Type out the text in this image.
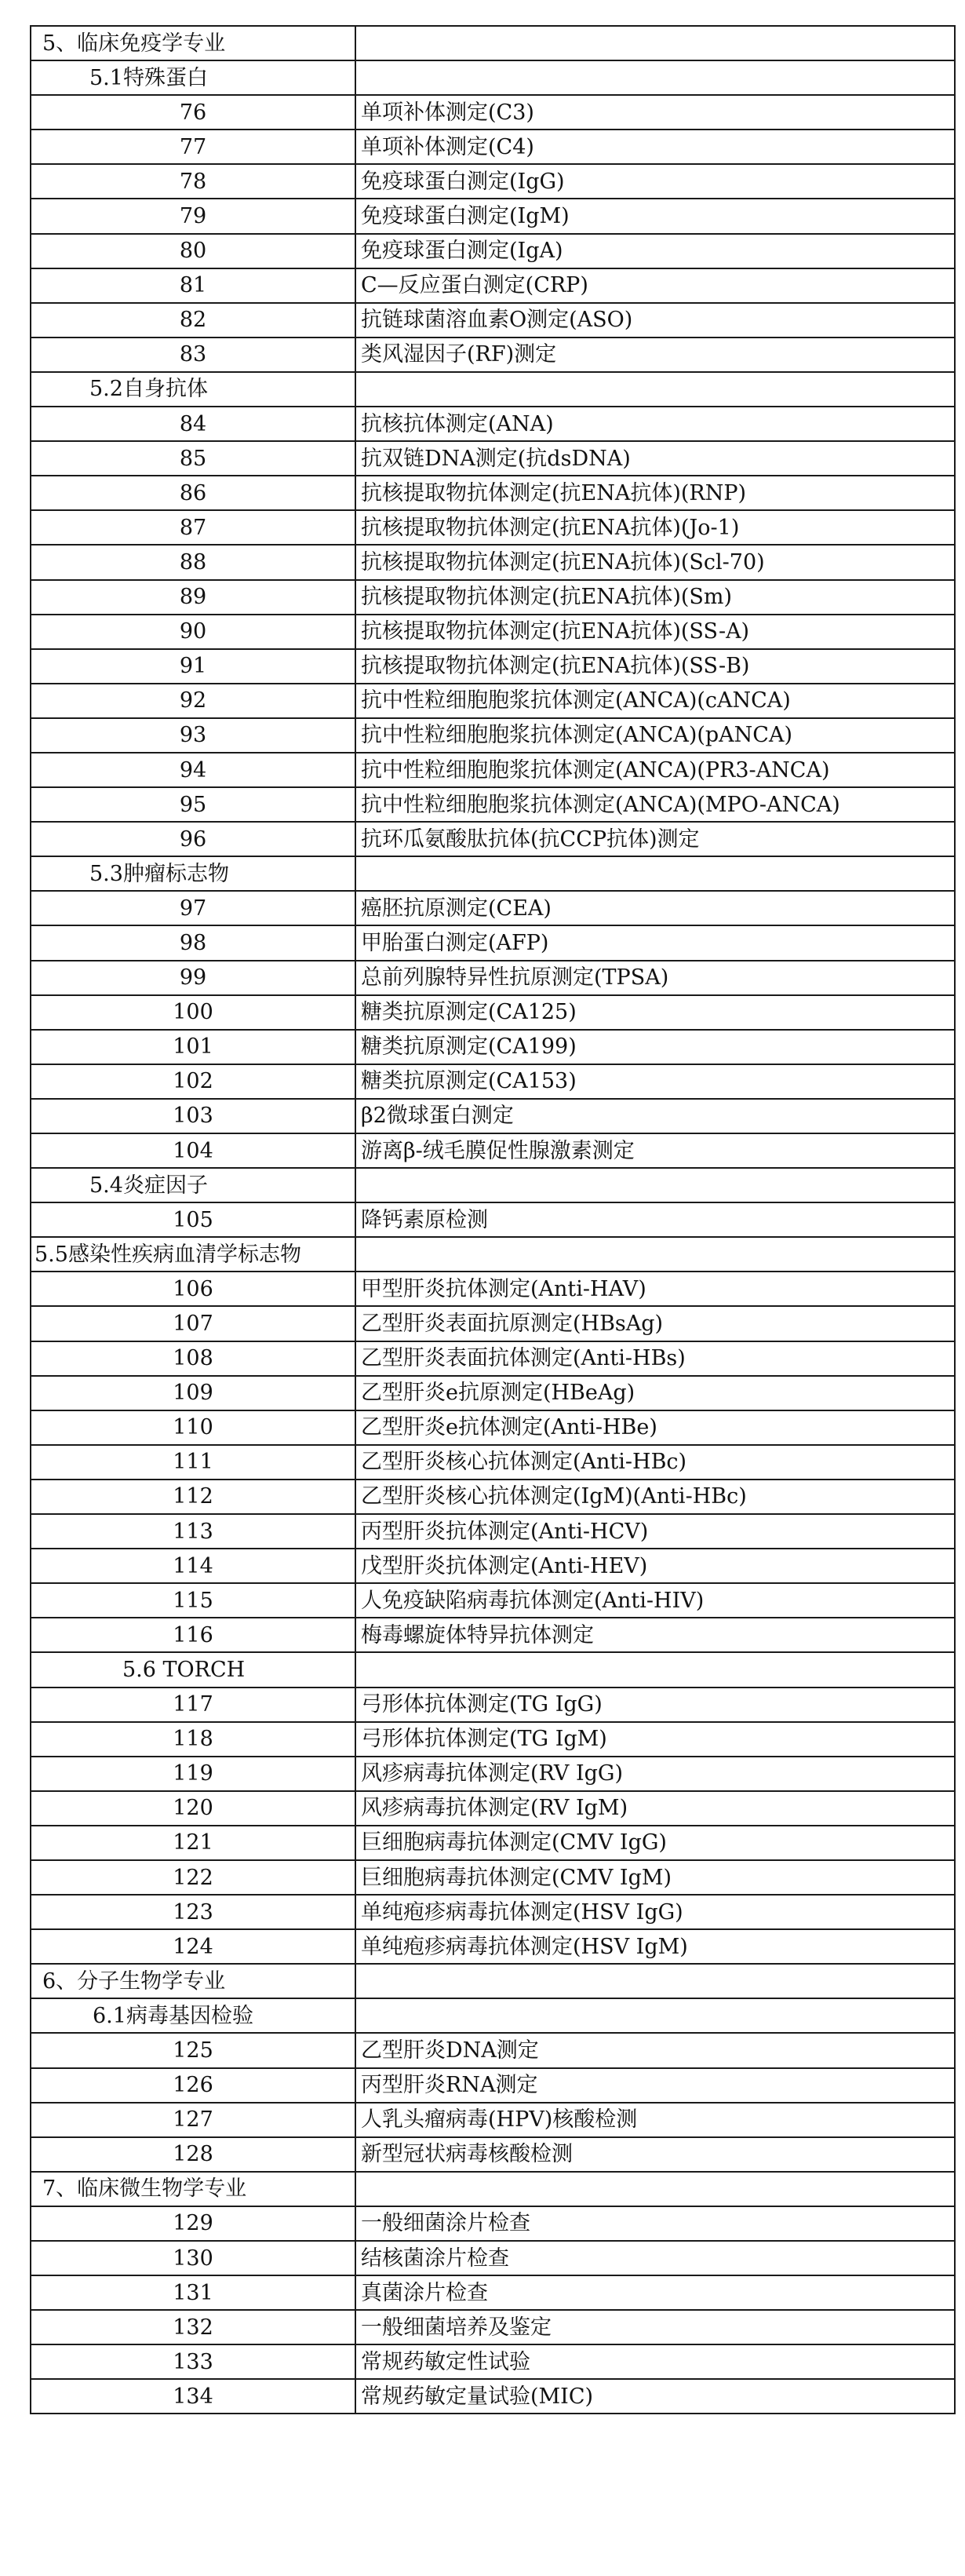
5、临床免疫学专业	
5.1特殊蛋白	
76	单项补体测定(C3)
77	单项补体测定(C4)
78	免疫球蛋白测定(IgG)
79	免疫球蛋白测定(IgM)
80	免疫球蛋白测定(IgA)
81	C—反应蛋白测定(CRP)
82	抗链球菌溶血素O测定(ASO)
83	类风湿因子(RF)测定
5.2自身抗体	
84	抗核抗体测定(ANA)
85	抗双链DNA测定(抗dsDNA)
86	抗核提取物抗体测定(抗ENA抗体)(RNP)
87	抗核提取物抗体测定(抗ENA抗体)(Jo-1)
88	抗核提取物抗体测定(抗ENA抗体)(Scl-70)
89	抗核提取物抗体测定(抗ENA抗体)(Sm)
90	抗核提取物抗体测定(抗ENA抗体)(SS-A)
91	抗核提取物抗体测定(抗ENA抗体)(SS-B)
92	抗中性粒细胞胞浆抗体测定(ANCA)(cANCA)
93	抗中性粒细胞胞浆抗体测定(ANCA)(pANCA)
94	抗中性粒细胞胞浆抗体测定(ANCA)(PR3-ANCA)
95	抗中性粒细胞胞浆抗体测定(ANCA)(MPO-ANCA)
96	抗环瓜氨酸肽抗体(抗CCP抗体)测定
5.3肿瘤标志物	
97	癌胚抗原测定(CEA)
98	甲胎蛋白测定(AFP)
99	总前列腺特异性抗原测定(TPSA)
100	糖类抗原测定(CA125)
101	糖类抗原测定(CA199)
102	糖类抗原测定(CA153)
103	β2微球蛋白测定
104	游离β-绒毛膜促性腺激素测定
5.4炎症因子	
105	降钙素原检测
5.5感染性疾病血清学标志物	
106	甲型肝炎抗体测定(Anti-HAV)
107	乙型肝炎表面抗原测定(HBsAg)
108	乙型肝炎表面抗体测定(Anti-HBs)
109	乙型肝炎e抗原测定(HBeAg)
110	乙型肝炎e抗体测定(Anti-HBe)
111	乙型肝炎核心抗体测定(Anti-HBc)
112	乙型肝炎核心抗体测定(IgM)(Anti-HBc)
113	丙型肝炎抗体测定(Anti-HCV)
114	戊型肝炎抗体测定(Anti-HEV)
115	人免疫缺陷病毒抗体测定(Anti-HIV)
116	梅毒螺旋体特异抗体测定
5.6 TORCH	
117	弓形体抗体测定(TG IgG)
118	弓形体抗体测定(TG IgM)
119	风疹病毒抗体测定(RV IgG)
120	风疹病毒抗体测定(RV IgM)
121	巨细胞病毒抗体测定(CMV IgG)
122	巨细胞病毒抗体测定(CMV IgM)
123	单纯疱疹病毒抗体测定(HSV IgG)
124	单纯疱疹病毒抗体测定(HSV IgM)
6、分子生物学专业	
6.1病毒基因检验	
125	乙型肝炎DNA测定
126	丙型肝炎RNA测定
127	人乳头瘤病毒(HPV)核酸检测
128	新型冠状病毒核酸检测
7、临床微生物学专业	
129	一般细菌涂片检查
130	结核菌涂片检查
131	真菌涂片检查
132	一般细菌培养及鉴定
133	常规药敏定性试验
134	常规药敏定量试验(MIC)
